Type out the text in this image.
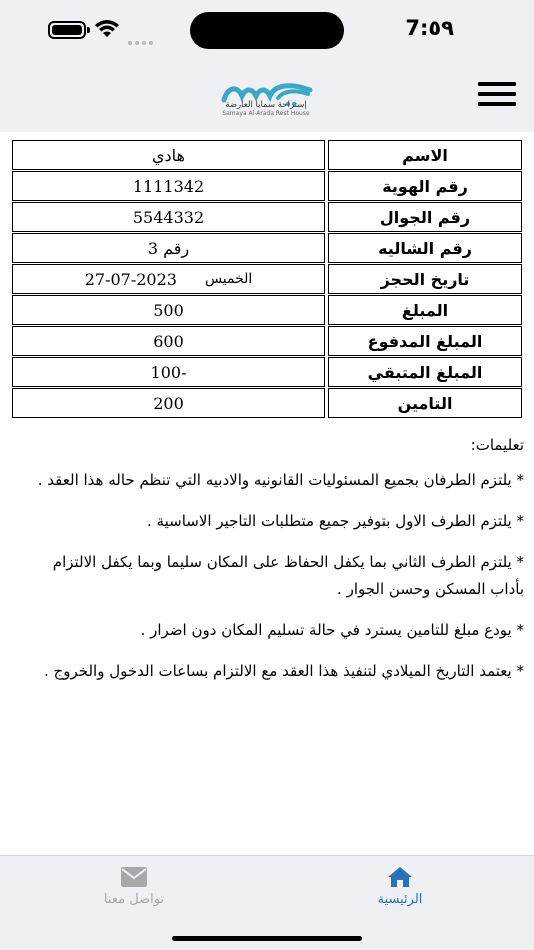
7:٥٩
إستراحة سمايا العارضة
Samaya Al-Arada Rest House
الاسم
هادي
رقم الهوية
1111342
رقم الجوال
5544332
رقم الشاليه
رقم 3
تاريخ الحجز
الخميس
27-07-2023
المبلغ
500
المبلغ المدفوع
600
المبلغ المتبقي
-100
التامين
200
تعليمات:

* يلتزم الطرفان بجميع المسئوليات القانونيه والادبيه التي تنظم حاله هذا العقد .

* يلتزم الطرف الاول بتوفير جميع متطلبات التاجير الاساسية .

* يلتزم الطرف الثاني بما يكفل الحفاظ على المكان سليما وبما يكفل الالتزام بأداب المسكن وحسن الجوار .

* يودع مبلغ للتامين يسترد في حالة تسليم المكان دون اضرار .

* يعتمد التاريخ الميلادي لتنفيذ هذا العقد مع الالتزام بساعات الدخول والخروج .

تواصل معنا	الرئيسية
